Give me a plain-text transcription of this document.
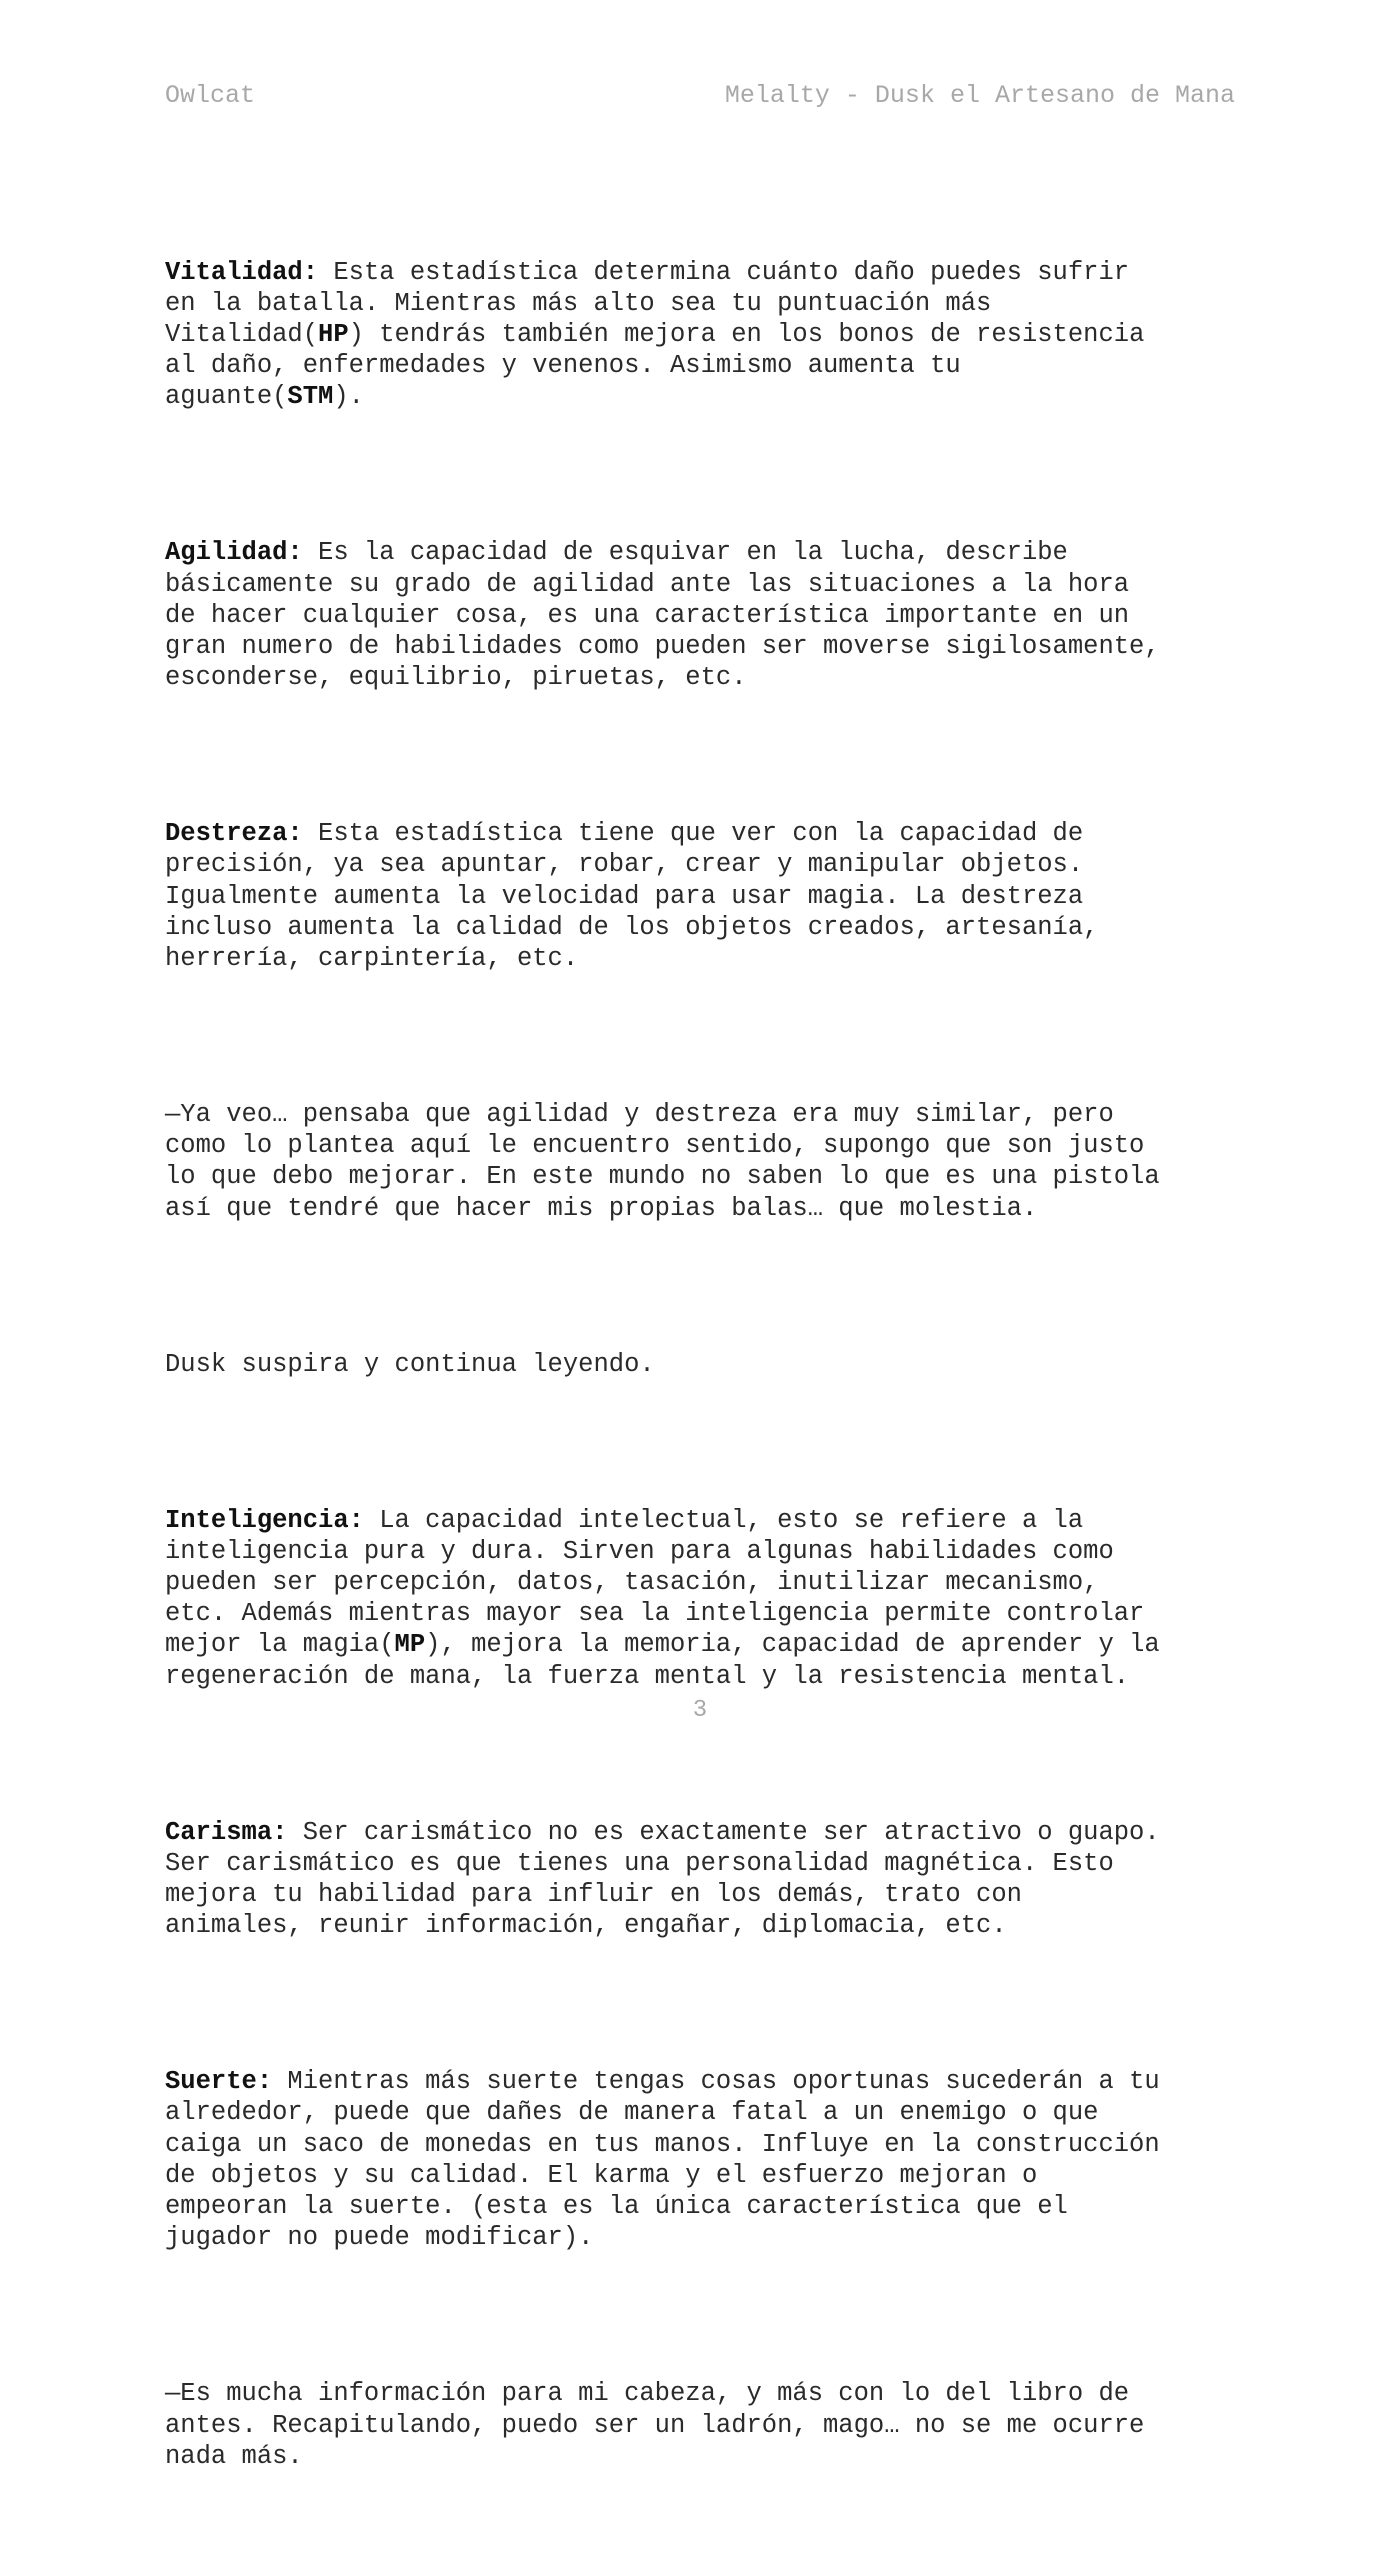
Owlcat	Melalty - Dusk el Artesano de Mana

Vitalidad: Esta estadística determina cuánto daño puedes sufrir
en la batalla. Mientras más alto sea tu puntuación más
Vitalidad(HP) tendrás también mejora en los bonos de resistencia
al daño, enfermedades y venenos. Asimismo aumenta tu
aguante(STM).

Agilidad: Es la capacidad de esquivar en la lucha, describe
básicamente su grado de agilidad ante las situaciones a la hora
de hacer cualquier cosa, es una característica importante en un
gran numero de habilidades como pueden ser moverse sigilosamente,
esconderse, equilibrio, piruetas, etc.

Destreza: Esta estadística tiene que ver con la capacidad de
precisión, ya sea apuntar, robar, crear y manipular objetos.
Igualmente aumenta la velocidad para usar magia. La destreza
incluso aumenta la calidad de los objetos creados, artesanía,
herrería, carpintería, etc.

—Ya veo… pensaba que agilidad y destreza era muy similar, pero
como lo plantea aquí le encuentro sentido, supongo que son justo
lo que debo mejorar. En este mundo no saben lo que es una pistola
así que tendré que hacer mis propias balas… que molestia.

Dusk suspira y continua leyendo.

Inteligencia: La capacidad intelectual, esto se refiere a la
inteligencia pura y dura. Sirven para algunas habilidades como
pueden ser percepción, datos, tasación, inutilizar mecanismo,
etc. Además mientras mayor sea la inteligencia permite controlar
mejor la magia(MP), mejora la memoria, capacidad de aprender y la
regeneración de mana, la fuerza mental y la resistencia mental.

Carisma: Ser carismático no es exactamente ser atractivo o guapo.
Ser carismático es que tienes una personalidad magnética. Esto
mejora tu habilidad para influir en los demás, trato con
animales, reunir información, engañar, diplomacia, etc.

Suerte: Mientras más suerte tengas cosas oportunas sucederán a tu
alrededor, puede que dañes de manera fatal a un enemigo o que
caiga un saco de monedas en tus manos. Influye en la construcción
de objetos y su calidad. El karma y el esfuerzo mejoran o
empeoran la suerte. (esta es la única característica que el
jugador no puede modificar).

—Es mucha información para mi cabeza, y más con lo del libro de
antes. Recapitulando, puedo ser un ladrón, mago… no se me ocurre
nada más.

3
